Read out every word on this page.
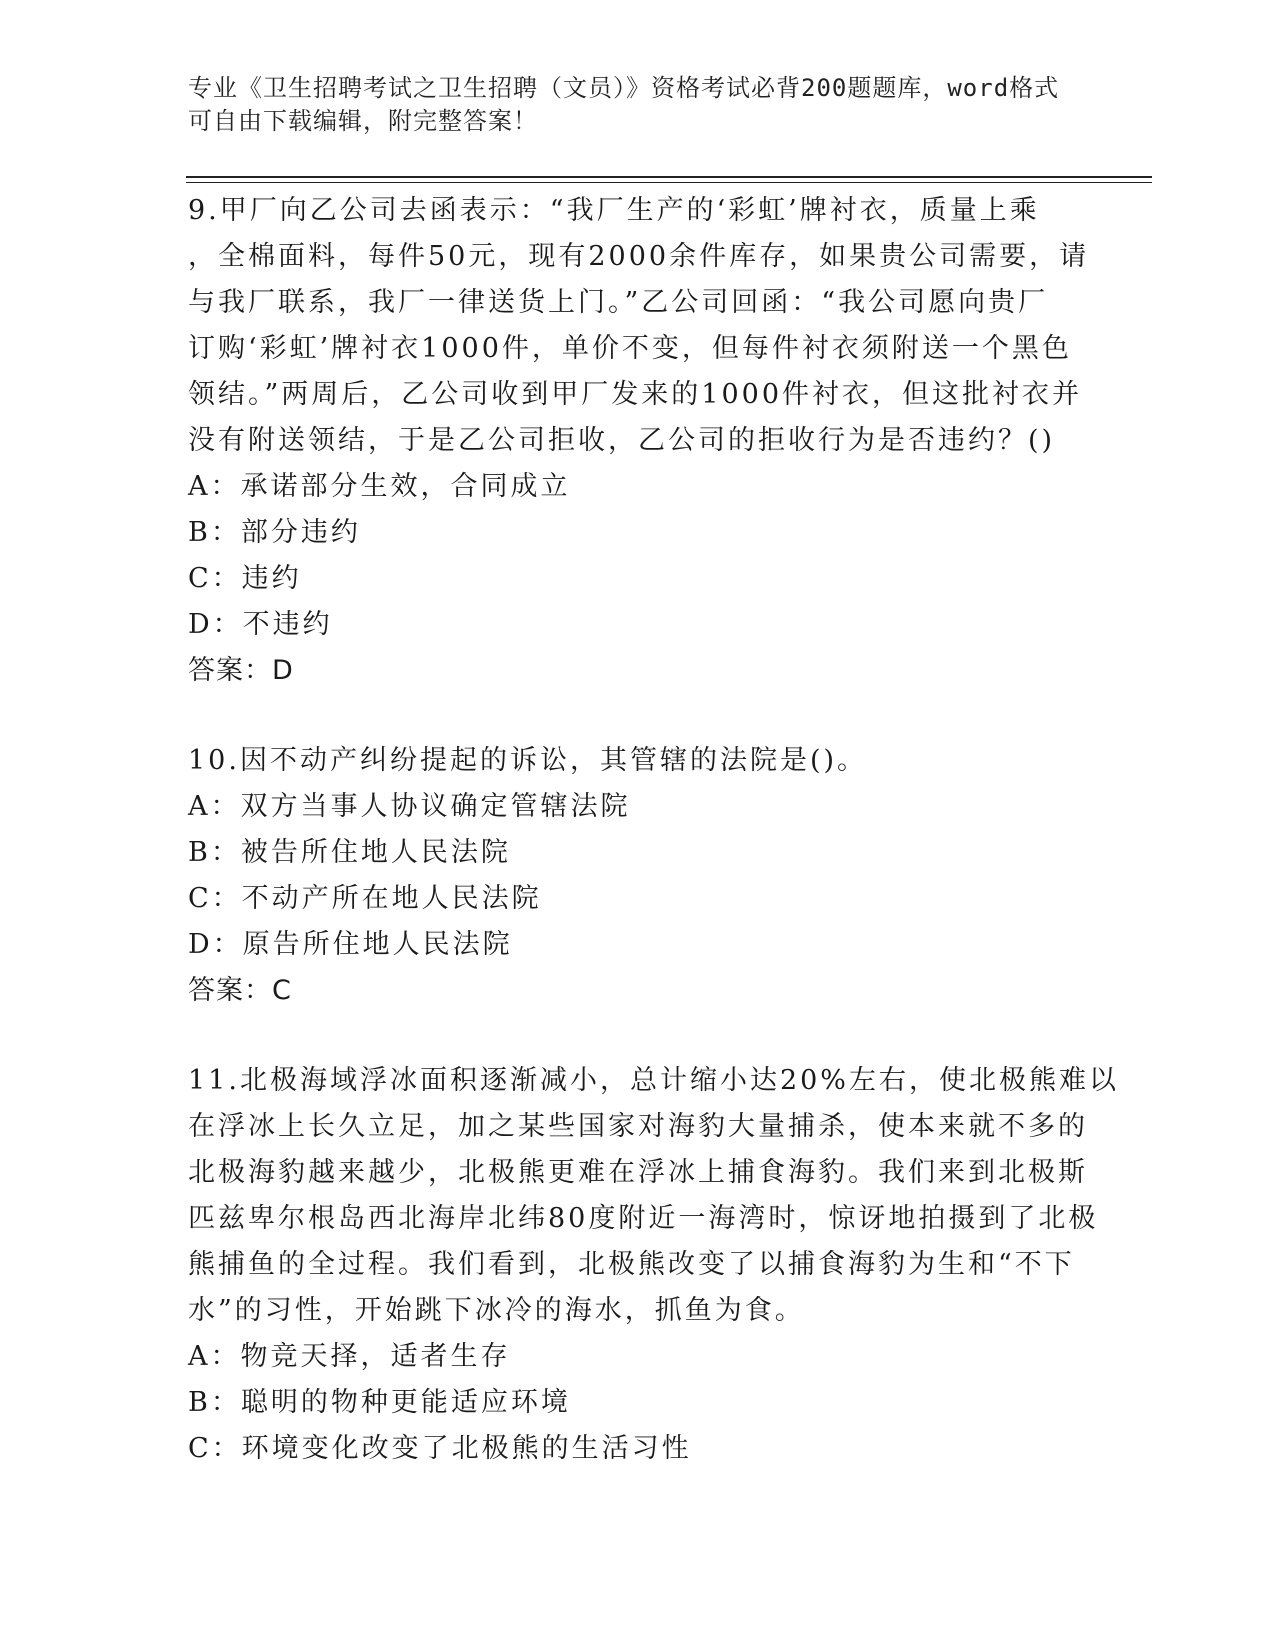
专业《卫生招聘考试之卫生招聘（文员）》资格考试必背200题题库，word格式
可自由下载编辑，附完整答案！
9.甲厂向乙公司去函表示：“我厂生产的‘彩虹’牌衬衣，质量上乘
，全棉面料，每件50元，现有2000余件库存，如果贵公司需要，请
与我厂联系，我厂一律送货上门。”乙公司回函：“我公司愿向贵厂
订购‘彩虹’牌衬衣1000件，单价不变，但每件衬衣须附送一个黑色
领结。”两周后，乙公司收到甲厂发来的1000件衬衣，但这批衬衣并
没有附送领结，于是乙公司拒收，乙公司的拒收行为是否违约？()
A：承诺部分生效，合同成立
B：部分违约
C：违约
D：不违约
答案：D
10.因不动产纠纷提起的诉讼，其管辖的法院是()。
A：双方当事人协议确定管辖法院
B：被告所住地人民法院
C：不动产所在地人民法院
D：原告所住地人民法院
答案：C
11.北极海域浮冰面积逐渐减小，总计缩小达20%左右，使北极熊难以
在浮冰上长久立足，加之某些国家对海豹大量捕杀，使本来就不多的
北极海豹越来越少，北极熊更难在浮冰上捕食海豹。我们来到北极斯
匹兹卑尔根岛西北海岸北纬80度附近一海湾时，惊讶地拍摄到了北极
熊捕鱼的全过程。我们看到，北极熊改变了以捕食海豹为生和“不下
水”的习性，开始跳下冰冷的海水，抓鱼为食。
A：物竞天择，适者生存
B：聪明的物种更能适应环境
C：环境变化改变了北极熊的生活习性
